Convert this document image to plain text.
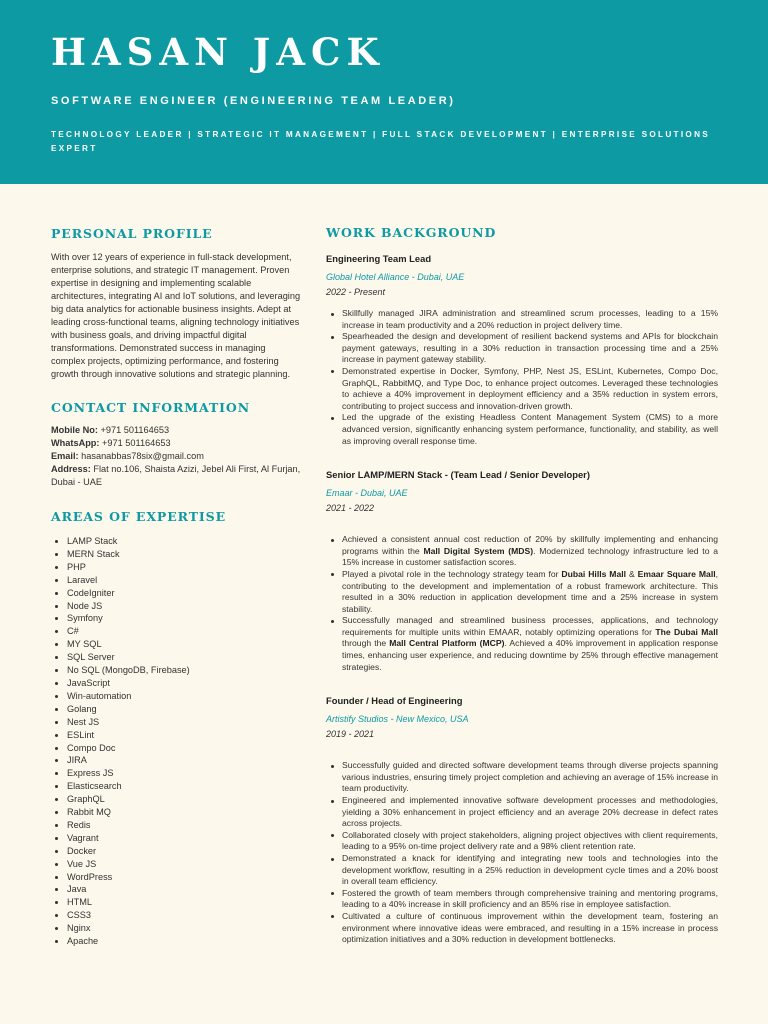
HASAN JACK
SOFTWARE ENGINEER (ENGINEERING TEAM LEADER)
TECHNOLOGY LEADER | STRATEGIC IT MANAGEMENT | FULL STACK DEVELOPMENT | ENTERPRISE SOLUTIONS EXPERT
PERSONAL PROFILE

With over 12 years of experience in full-stack development, enterprise solutions, and strategic IT management. Proven expertise in designing and implementing scalable architectures, integrating AI and IoT solutions, and leveraging big data analytics for actionable business insights. Adept at leading cross-functional teams, aligning technology initiatives with business goals, and driving impactful digital transformations. Demonstrated success in managing complex projects, optimizing performance, and fostering growth through innovative solutions and strategic planning.

CONTACT INFORMATION
Mobile No: +971 501164653
WhatsApp: +971 501164653
Email: hasanabbas78six@gmail.com
Address: Flat no.106, Shaista Azizi, Jebel Ali First, Al Furjan, Dubai - UAE
AREAS OF EXPERTISE
LAMP Stack
MERN Stack
PHP
Laravel
CodeIgniter
Node JS
Symfony
C#
MY SQL
SQL Server
No SQL (MongoDB, Firebase)
JavaScript
Win-automation
Golang
Nest JS
ESLint
Compo Doc
JIRA
Express JS
Elasticsearch
GraphQL
Rabbit MQ
Redis
Vagrant
Docker
Vue JS
WordPress
Java
HTML
CSS3
Nginx
Apache
WORK BACKGROUND
Engineering Team Lead
Global Hotel Alliance - Dubai, UAE
2022 - Present
Skillfully managed JIRA administration and streamlined scrum processes, leading to a 15% increase in team productivity and a 20% reduction in project delivery time.
Spearheaded the design and development of resilient backend systems and APIs for blockchain payment gateways, resulting in a 30% reduction in transaction processing time and a 25% increase in payment gateway stability.
Demonstrated expertise in Docker, Symfony, PHP, Nest JS, ESLint, Kubernetes, Compo Doc, GraphQL, RabbitMQ, and Type Doc, to enhance project outcomes. Leveraged these technologies to achieve a 40% improvement in deployment efficiency and a 35% reduction in system errors, contributing to project success and innovation-driven growth.
Led the upgrade of the existing Headless Content Management System (CMS) to a more advanced version, significantly enhancing system performance, functionality, and stability, as well as improving overall response time.
Senior LAMP/MERN Stack - (Team Lead / Senior Developer)
Emaar - Dubai, UAE
2021 - 2022
Achieved a consistent annual cost reduction of 20% by skillfully implementing and enhancing programs within the Mall Digital System (MDS). Modernized technology infrastructure led to a 15% increase in customer satisfaction scores.
Played a pivotal role in the technology strategy team for Dubai Hills Mall & Emaar Square Mall, contributing to the development and implementation of a robust framework architecture. This resulted in a 30% reduction in application development time and a 25% increase in system stability.
Successfully managed and streamlined business processes, applications, and technology requirements for multiple units within EMAAR, notably optimizing operations for The Dubai Mall through the Mall Central Platform (MCP). Achieved a 40% improvement in application response times, enhancing user experience, and reducing downtime by 25% through effective management strategies.
Founder / Head of Engineering
Artistify Studios - New Mexico, USA
2019 - 2021
Successfully guided and directed software development teams through diverse projects spanning various industries, ensuring timely project completion and achieving an average of 15% increase in team productivity.
Engineered and implemented innovative software development processes and methodologies, yielding a 30% enhancement in project efficiency and an average 20% decrease in defect rates across projects.
Collaborated closely with project stakeholders, aligning project objectives with client requirements, leading to a 95% on-time project delivery rate and a 98% client retention rate.
Demonstrated a knack for identifying and integrating new tools and technologies into the development workflow, resulting in a 25% reduction in development cycle times and a 20% boost in overall team efficiency.
Fostered the growth of team members through comprehensive training and mentoring programs, leading to a 40% increase in skill proficiency and an 85% rise in employee satisfaction.
Cultivated a culture of continuous improvement within the development team, fostering an environment where innovative ideas were embraced, and resulting in a 15% increase in process optimization initiatives and a 30% reduction in development bottlenecks.
